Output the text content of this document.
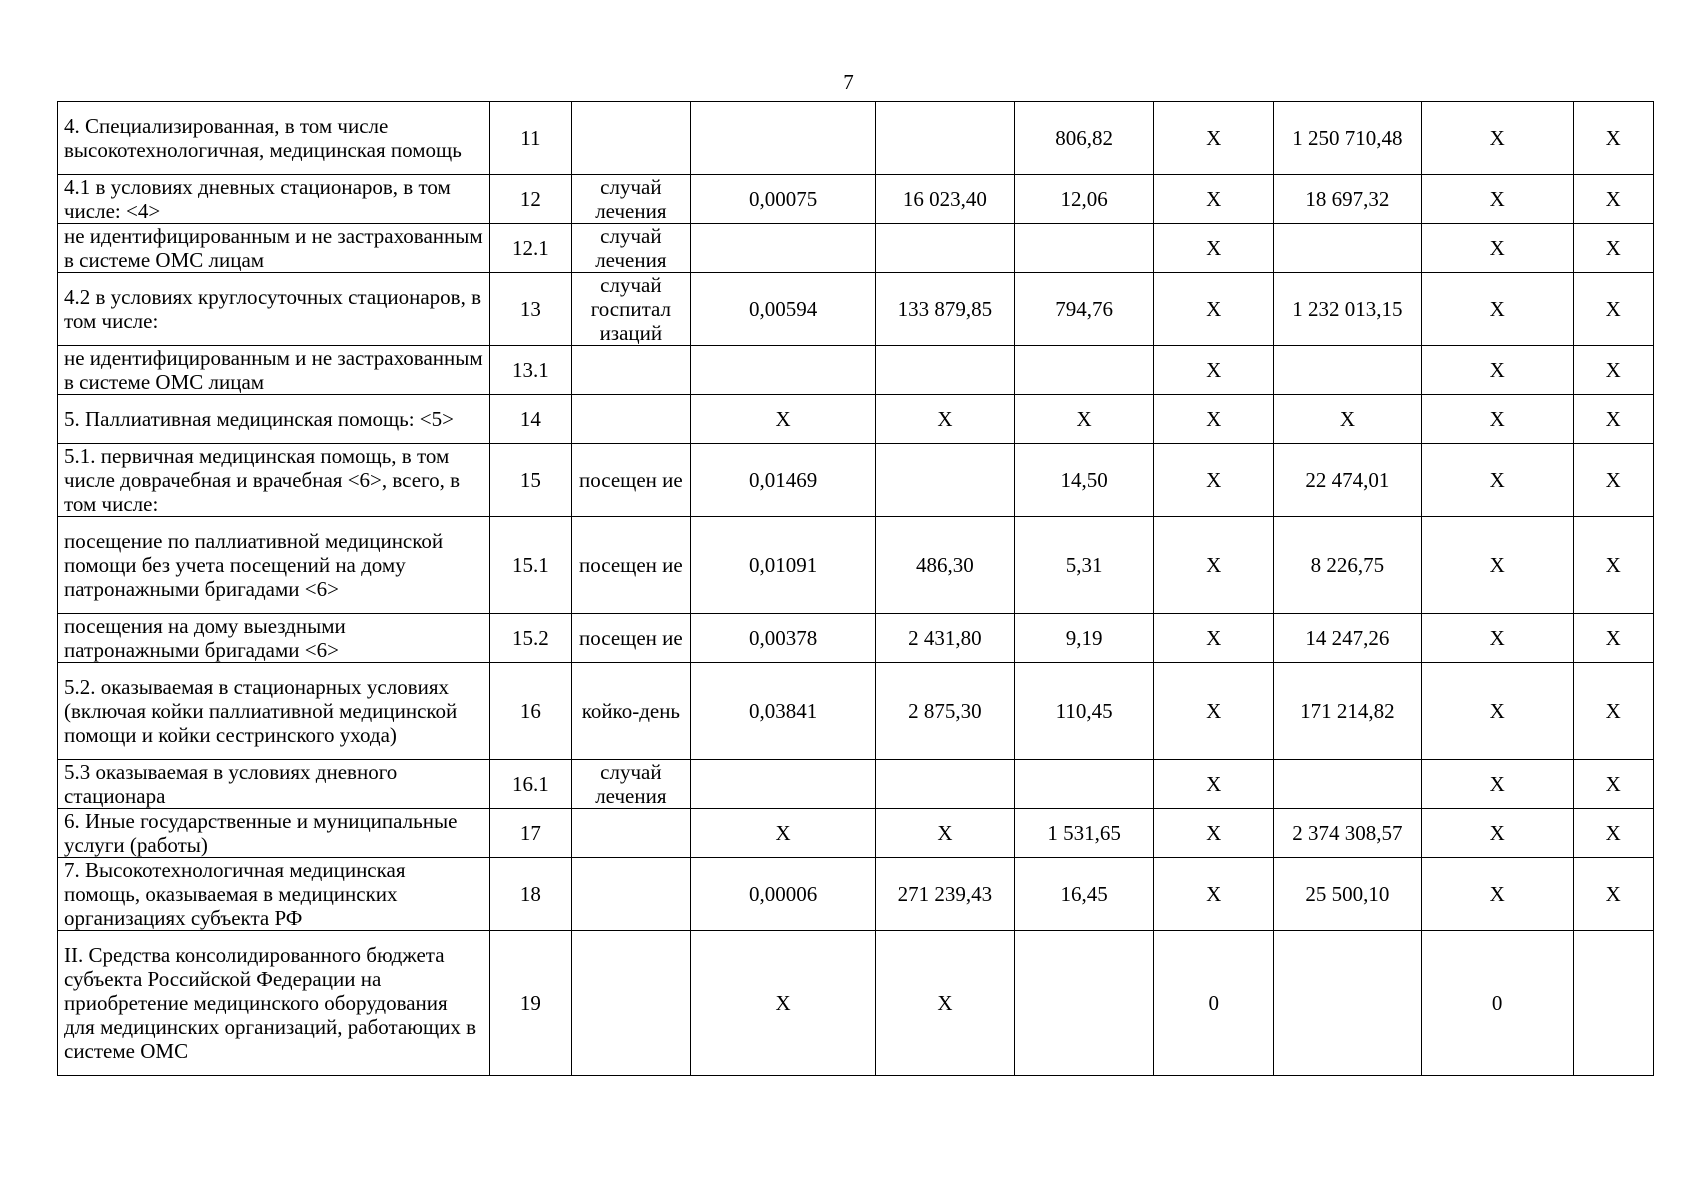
7
4. Специализированная, в том числе высокотехнологичная, медицинская помощь	11				806,82	X	1 250 710,48	X	X
4.1 в условиях дневных стационаров, в том числе: <4>	12	случай лечения	0,00075	16 023,40	12,06	X	18 697,32	X	X
не идентифицированным и не застрахованным в системе ОМС лицам	12.1	случай лечения				X		X	X
4.2 в условиях круглосуточных стационаров, в том числе:	13	случай госпитал изаций	0,00594	133 879,85	794,76	X	1 232 013,15	X	X
не идентифицированным и не застрахованным в системе ОМС лицам	13.1					X		X	X
5. Паллиативная медицинская помощь: <5>	14		X	X	X	X	X	X	X
5.1. первичная медицинская помощь, в том числе доврачебная и врачебная <6>, всего, в том числе:	15	посещен ие	0,01469		14,50	X	22 474,01	X	X
посещение по паллиативной медицинской помощи без учета посещений на дому патронажными бригадами <6>	15.1	посещен ие	0,01091	486,30	5,31	X	8 226,75	X	X
посещения на дому выездными патронажными бригадами <6>	15.2	посещен ие	0,00378	2 431,80	9,19	X	14 247,26	X	X
5.2. оказываемая в стационарных условиях (включая койки паллиативной медицинской помощи и койки сестринского ухода)	16	койко-день	0,03841	2 875,30	110,45	X	171 214,82	X	X
5.3 оказываемая в условиях дневного стационара	16.1	случай лечения				X		X	X
6. Иные государственные и муниципальные услуги (работы)	17		X	X	1 531,65	X	2 374 308,57	X	X
7. Высокотехнологичная медицинская помощь, оказываемая в медицинских организациях субъекта РФ	18		0,00006	271 239,43	16,45	X	25 500,10	X	X
II. Средства консолидированного бюджета субъекта Российской Федерации на приобретение медицинского оборудования для медицинских организаций, работающих в системе ОМС	19		X	X		0		0	
